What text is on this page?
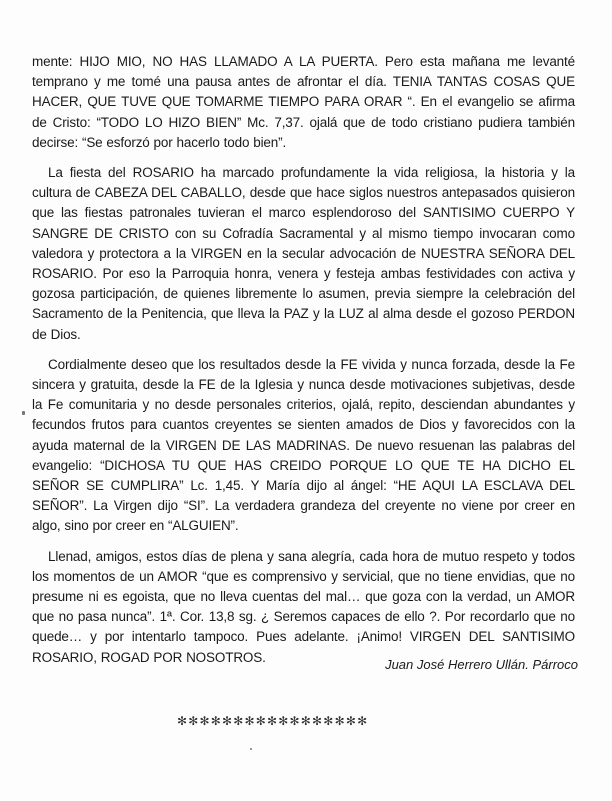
mente: HIJO MIO, NO HAS LLAMADO A LA PUERTA. Pero esta mañana me levanté temprano y me tomé una pausa antes de afrontar el día. TENIA TANTAS COSAS QUE HACER, QUE TUVE QUE TOMARME TIEMPO PARA ORAR “. En el evangelio se afirma de Cristo: “TODO LO HIZO BIEN” Mc. 7,37. ojalá que de todo cristiano pudiera también decirse: “Se esforzó por hacerlo todo bien”.

La fiesta del ROSARIO ha marcado profundamente la vida religiosa, la historia y la cultura de CABEZA DEL CABALLO, desde que hace siglos nuestros antepasados quisieron que las fiestas patronales tuvieran el marco esplendoroso del SANTISIMO CUERPO Y SANGRE DE CRISTO con su Cofradía Sacramental y al mismo tiempo invocaran como valedora y protectora a la VIRGEN en la secular advocación de NUESTRA SEÑORA DEL ROSARIO. Por eso la Parroquia honra, venera y festeja ambas festividades con activa y gozosa participación, de quienes libremente lo asumen, previa siempre la celebración del Sacramento de la Penitencia, que lleva la PAZ y la LUZ al alma desde el gozoso PERDON de Dios.

Cordialmente deseo que los resultados desde la FE vivida y nunca forzada, desde la Fe sincera y gratuita, desde la FE de la Iglesia y nunca desde motivaciones subjetivas, desde la Fe comunitaria y no desde personales criterios, ojalá, repito, desciendan abundantes y fecundos frutos para cuantos creyentes se sienten amados de Dios y favorecidos con la ayuda maternal de la VIRGEN DE LAS MADRINAS. De nuevo resuenan las palabras del evangelio: “DICHOSA TU QUE HAS CREIDO PORQUE LO QUE TE HA DICHO EL SEÑOR SE CUMPLIRA” Lc. 1,45. Y María dijo al ángel: “HE AQUI LA ESCLAVA DEL SEÑOR”. La Virgen dijo “SI”. La verdadera grandeza del creyente no viene por creer en algo, sino por creer en “ALGUIEN”.

Llenad, amigos, estos días de plena y sana alegría, cada hora de mutuo respeto y todos los momentos de un AMOR “que es comprensivo y servicial, que no tiene envidias, que no presume ni es egoista, que no lleva cuentas del mal… que goza con la verdad, un AMOR que no pasa nunca”. 1ª. Cor. 13,8 sg. ¿ Seremos capaces de ello ?. Por recordarlo que no quede… y por intentarlo tampoco. Pues adelante. ¡Animo! VIRGEN DEL SANTISIMO ROSARIO, ROGAD POR NOSOTROS.	Juan José Herrero Ullán. Párroco
✻✻✻✻✻✻✻✻✻✻✻✻✻✻✻✻✻
